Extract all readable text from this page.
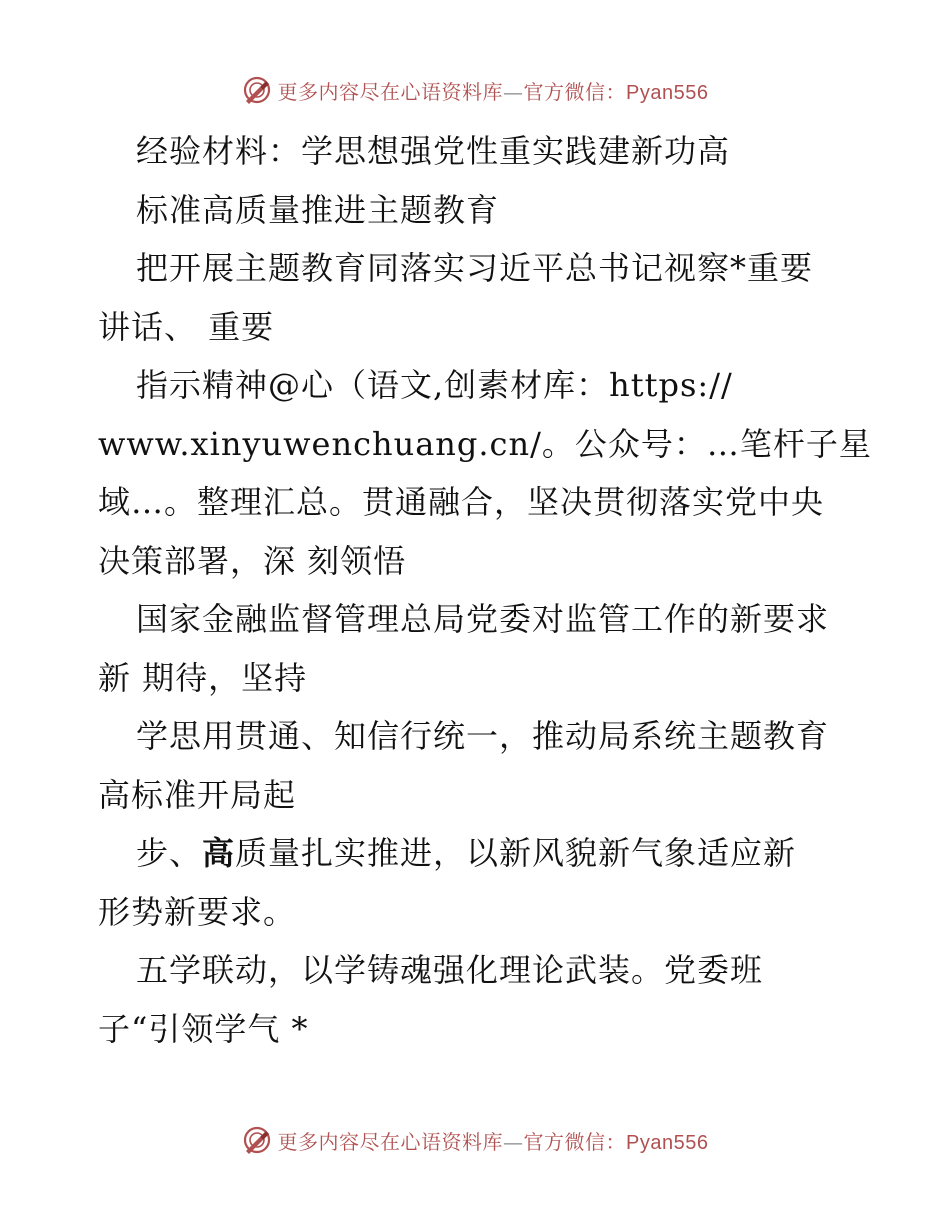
更多内容尽在心语资料库—官方微信：Pyan556
经验材料：学思想强党性重实践建新功高
标准高质量推进主题教育
把开展主题教育同落实习近平总书记视察*重要
讲话、 重要
指示精神@心（语文,创素材库：https://
www.xinyuwenchuang.cn/。公众号：…笔杆子星
域…。整理汇总。贯通融合，坚决贯彻落实党中央
决策部署，深 刻领悟
国家金融监督管理总局党委对监管工作的新要求
新 期待，坚持
学思用贯通、知信行统一，推动局系统主题教育
高标准开局起
步、高质量扎实推进，以新风貌新气象适应新
形势新要求。
五学联动，以学铸魂强化理论武装。党委班
子“引领学气 *
更多内容尽在心语资料库—官方微信：Pyan556
